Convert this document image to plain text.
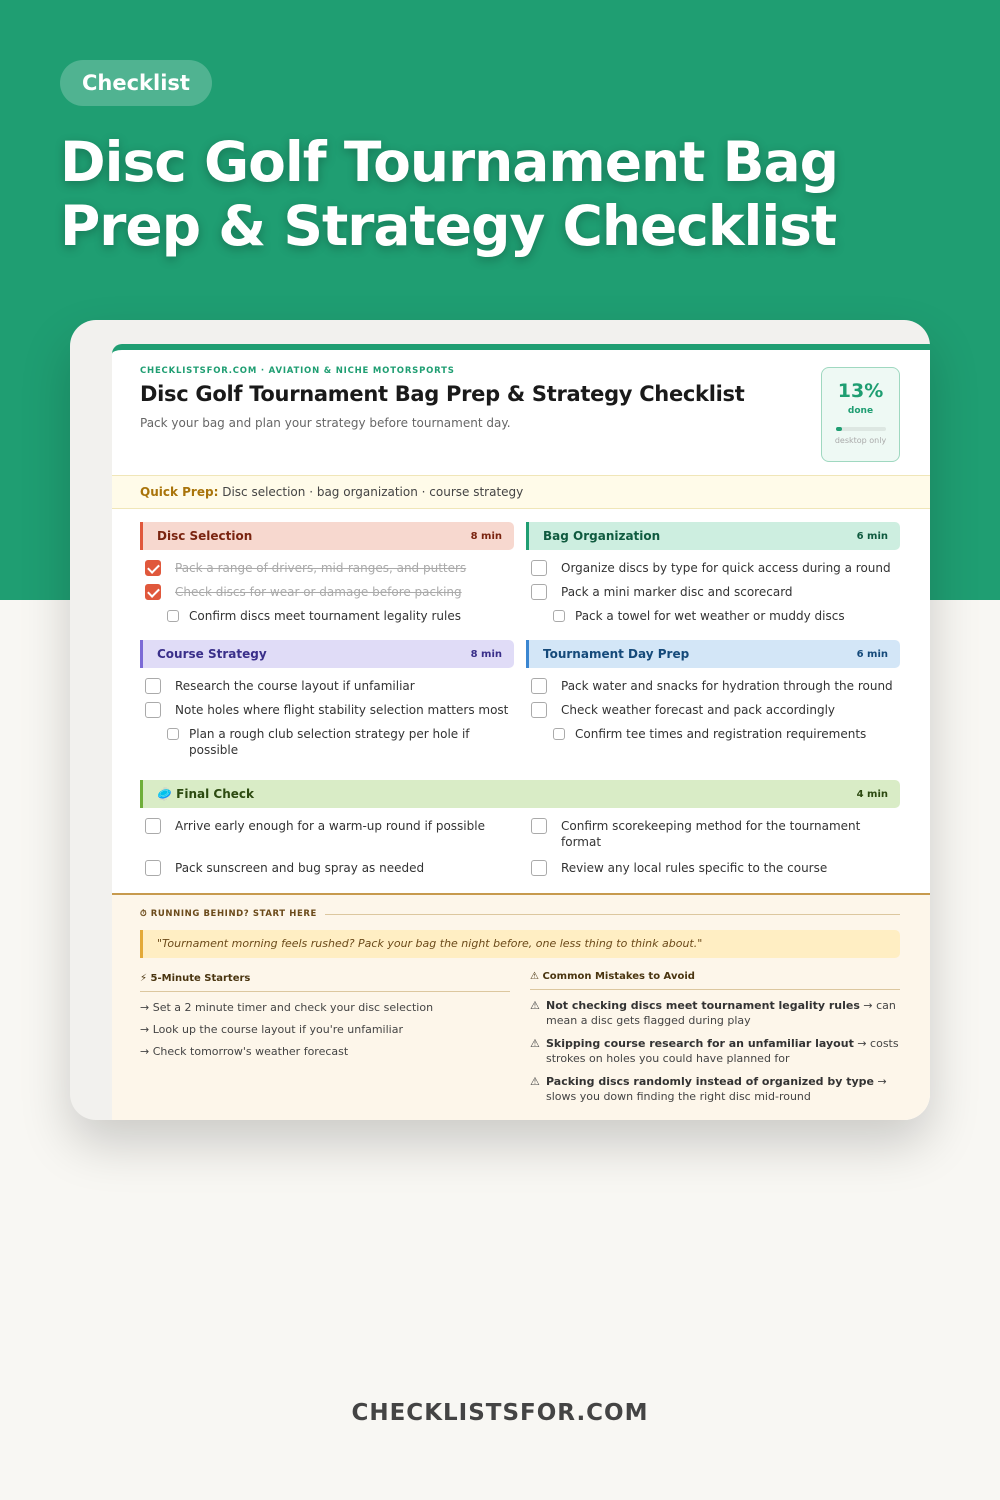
Checklist
Disc Golf Tournament Bag Prep & Strategy Checklist
CHECKLISTSFOR.COM · AVIATION & NICHE MOTORSPORTS
Disc Golf Tournament Bag Prep & Strategy Checklist
Pack your bag and plan your strategy before tournament day.
13%
done
desktop only
Quick Prep: Disc selection · bag organization · course strategy
Disc Selection	8 min
Pack a range of drivers, mid-ranges, and putters
Check discs for wear or damage before packing
Confirm discs meet tournament legality rules
Bag Organization	6 min
Organize discs by type for quick access during a round
Pack a mini marker disc and scorecard
Pack a towel for wet weather or muddy discs
Course Strategy	8 min
Research the course layout if unfamiliar
Note holes where flight stability selection matters most
Plan a rough club selection strategy per hole if possible
Tournament Day Prep	6 min
Pack water and snacks for hydration through the round
Check weather forecast and pack accordingly
Confirm tee times and registration requirements
🥏 Final Check	4 min
Arrive early enough for a warm-up round if possible
Pack sunscreen and bug spray as needed
Confirm scorekeeping method for the tournament format
Review any local rules specific to the course
⏱ RUNNING BEHIND? START HERE
"Tournament morning feels rushed? Pack your bag the night before, one less thing to think about."
⚡ 5-Minute Starters
→ Set a 2 minute timer and check your disc selection
→ Look up the course layout if you're unfamiliar
→ Check tomorrow's weather forecast
⚠ Common Mistakes to Avoid
⚠ Not checking discs meet tournament legality rules → can mean a disc gets flagged during play
⚠ Skipping course research for an unfamiliar layout → costs strokes on holes you could have planned for
⚠ Packing discs randomly instead of organized by type → slows you down finding the right disc mid-round
CHECKLISTSFOR.COM
